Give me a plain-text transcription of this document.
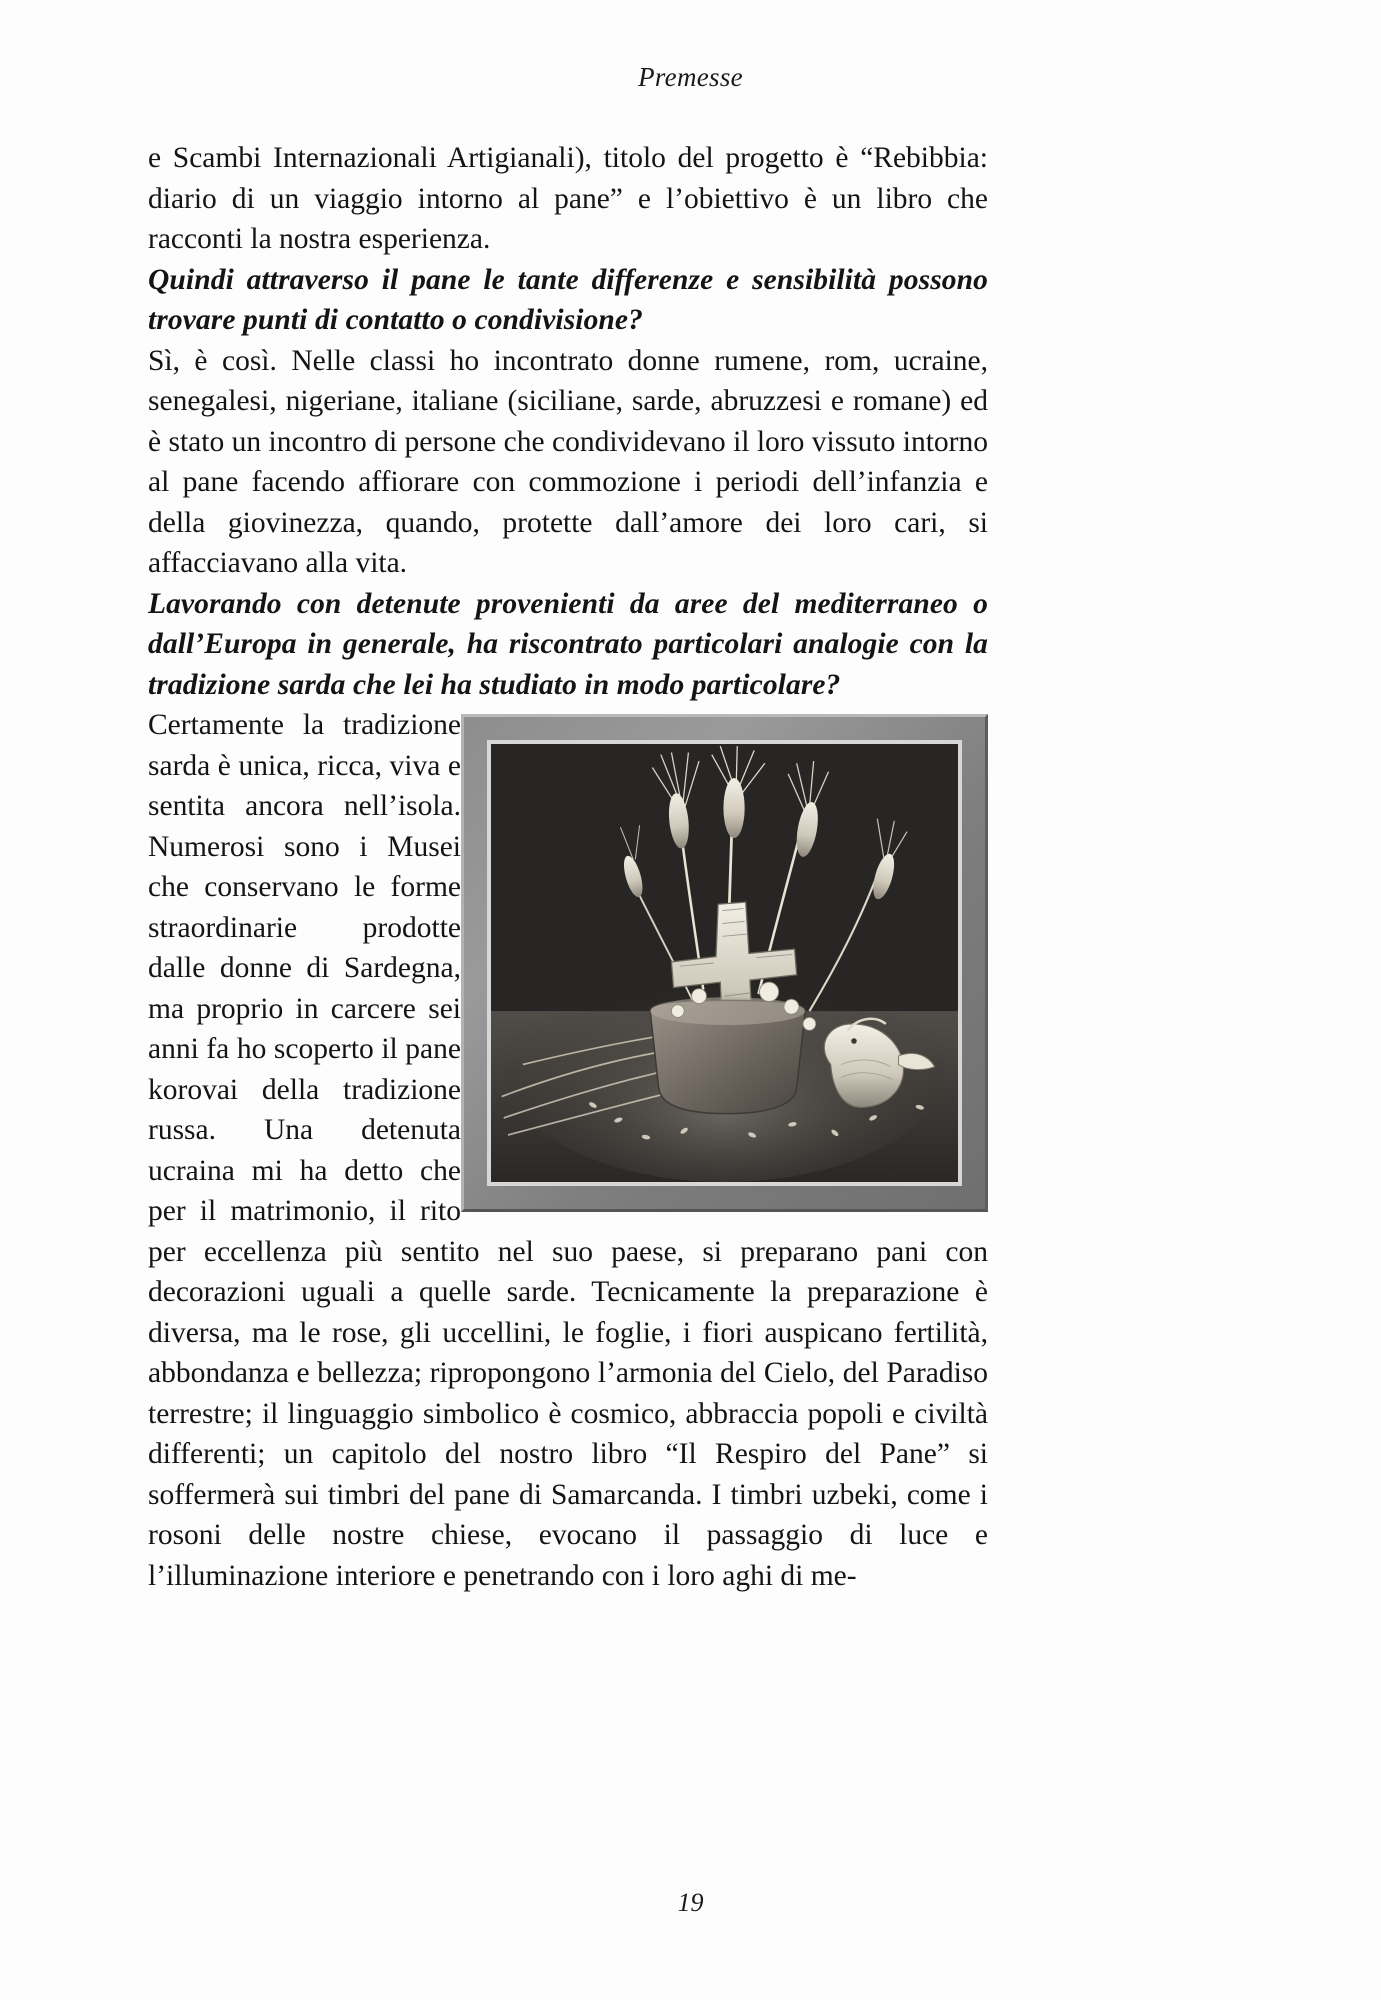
Premesse

e Scambi Internazionali Artigianali), titolo del progetto è “Rebibbia: diario di un viaggio intorno al pane” e l’obiettivo è un libro che racconti la nostra esperienza.

Quindi attraverso il pane le tante differenze e sensibilità possono trovare punti di contatto o condivisione?

Sì, è così. Nelle classi ho incontrato donne rumene, rom, ucraine, senegalesi, nigeriane, italiane (siciliane, sarde, abruzzesi e romane) ed è stato un incontro di persone che condividevano il loro vissuto intorno al pane facendo affiorare con commozione i periodi dell’infanzia e della giovinezza, quando, protette dall’amore dei loro cari, si affacciavano alla vita.

Lavorando con detenute provenienti da aree del mediterraneo o dall’Europa in generale, ha riscontrato particolari analogie con la tradizione sarda che lei ha studiato in modo particolare?

Certamente la tradizione sarda è unica, ricca, viva e sentita ancora nell’isola. Numerosi sono i Musei che conservano le forme straordinarie prodotte dalle donne di Sardegna, ma proprio in carcere sei anni fa ho scoperto il pane korovai della tradizione russa. Una detenuta ucraina mi ha detto che per il matrimonio, il rito per eccellenza più sentito nel suo paese, si preparano pani con decorazioni uguali a quelle sarde. Tecnicamente la preparazione è diversa, ma le rose, gli uccellini, le foglie, i fiori auspicano fertilità, abbondanza e bellezza; ripropongono l’armonia del Cielo, del Paradiso terrestre; il linguaggio simbolico è cosmico, abbraccia popoli e civiltà differenti; un capitolo del nostro libro “Il Respiro del Pane” si soffermerà sui timbri del pane di Samarcanda. I timbri uzbeki, come i rosoni delle nostre chiese, evocano il passaggio di luce e l’illuminazione interiore e penetrando con i loro aghi di me-

19
